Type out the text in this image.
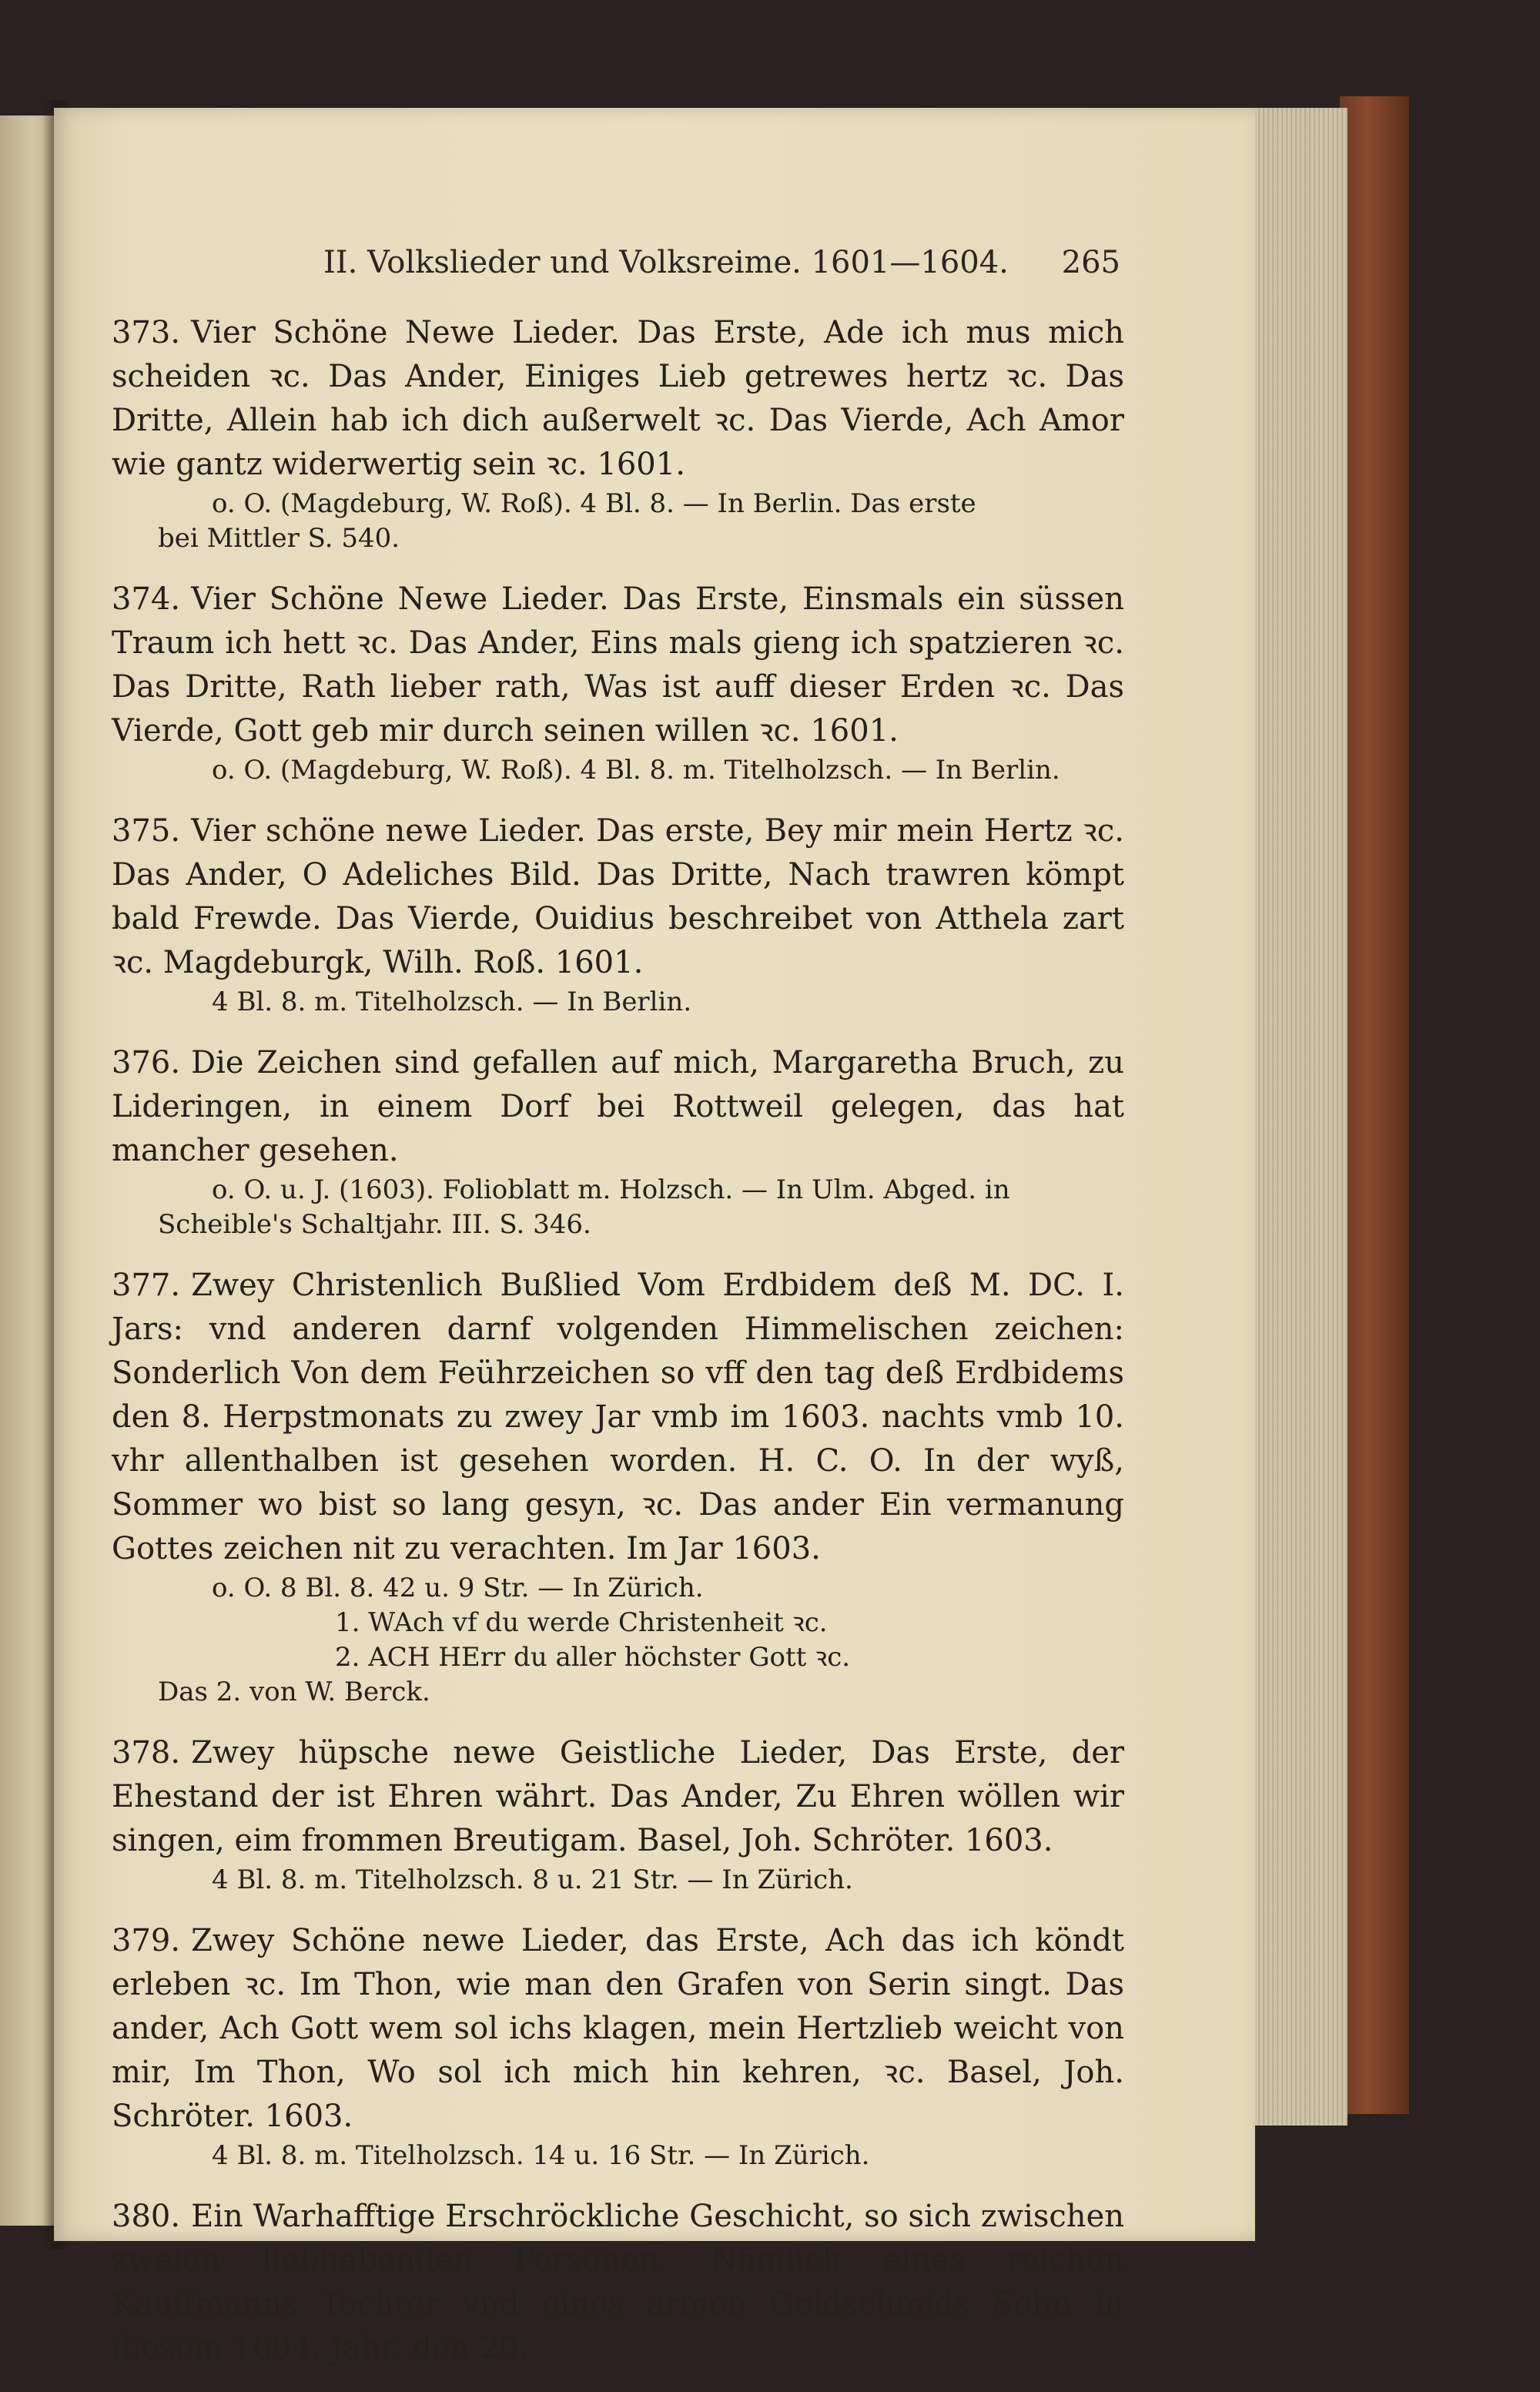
II. Volkslieder und Volksreime. 1601—1604. 265

373. Vier Schöne Newe Lieder. Das Erste, Ade ich mus mich scheiden ꝛc. Das Ander, Einiges Lieb getrewes hertz ꝛc. Das Dritte, Allein hab ich dich außerwelt ꝛc. Das Vierde, Ach Amor wie gantz widerwertig sein ꝛc. 1601.

o. O. (Magdeburg, W. Roß). 4 Bl. 8. — In Berlin. Das erste

bei Mittler S. 540.

374. Vier Schöne Newe Lieder. Das Erste, Einsmals ein süssen Traum ich hett ꝛc. Das Ander, Eins mals gieng ich spatzieren ꝛc. Das Dritte, Rath lieber rath, Was ist auff dieser Erden ꝛc. Das Vierde, Gott geb mir durch seinen willen ꝛc. 1601.

o. O. (Magdeburg, W. Roß). 4 Bl. 8. m. Titelholzsch. — In Berlin.

375. Vier schöne newe Lieder. Das erste, Bey mir mein Hertz ꝛc. Das Ander, O Adeliches Bild. Das Dritte, Nach trawren kömpt bald Frewde. Das Vierde, Ouidius beschreibet von Atthela zart ꝛc. Magdeburgk, Wilh. Roß. 1601.

4 Bl. 8. m. Titelholzsch. — In Berlin.

376. Die Zeichen sind gefallen auf mich, Margaretha Bruch, zu Lideringen, in einem Dorf bei Rottweil gelegen, das hat mancher gesehen.

o. O. u. J. (1603). Folioblatt m. Holzsch. — In Ulm. Abged. in

Scheible's Schaltjahr. III. S. 346.

377. Zwey Christenlich Bußlied Vom Erdbidem deß M. DC. I. Jars: vnd anderen darnf volgenden Himmelischen zeichen: Sonderlich Von dem Feührzeichen so vff den tag deß Erdbidems den 8. Herpstmonats zu zwey Jar vmb im 1603. nachts vmb 10. vhr allenthalben ist gesehen worden. H. C. O. In der wyß, Sommer wo bist so lang gesyn, ꝛc. Das ander Ein vermanung Gottes zeichen nit zu verachten. Im Jar 1603.

o. O. 8 Bl. 8. 42 u. 9 Str. — In Zürich.

1. WAch vf du werde Christenheit ꝛc.

2. ACH HErr du aller höchster Gott ꝛc.

Das 2. von W. Berck.

378. Zwey hüpsche newe Geistliche Lieder, Das Erste, der Ehestand der ist Ehren währt. Das Ander, Zu Ehren wöllen wir singen, eim frommen Breutigam. Basel, Joh. Schröter. 1603.

4 Bl. 8. m. Titelholzsch. 8 u. 21 Str. — In Zürich.

379. Zwey Schöne newe Lieder, das Erste, Ach das ich köndt erleben ꝛc. Im Thon, wie man den Grafen von Serin singt. Das ander, Ach Gott wem sol ichs klagen, mein Hertzlieb weicht von mir, Im Thon, Wo sol ich mich hin kehren, ꝛc. Basel, Joh. Schröter. 1603.

4 Bl. 8. m. Titelholzsch. 14 u. 16 Str. — In Zürich.

380. Ein Warhafftige Erschröckliche Geschicht, so sich zwischen zweien liebhabenden Personen: Nämlich eines reichen Kauffmanns Tochter vnd eines armen Goldschmids Sohn in diesem 1604. Jahr, den 20.
